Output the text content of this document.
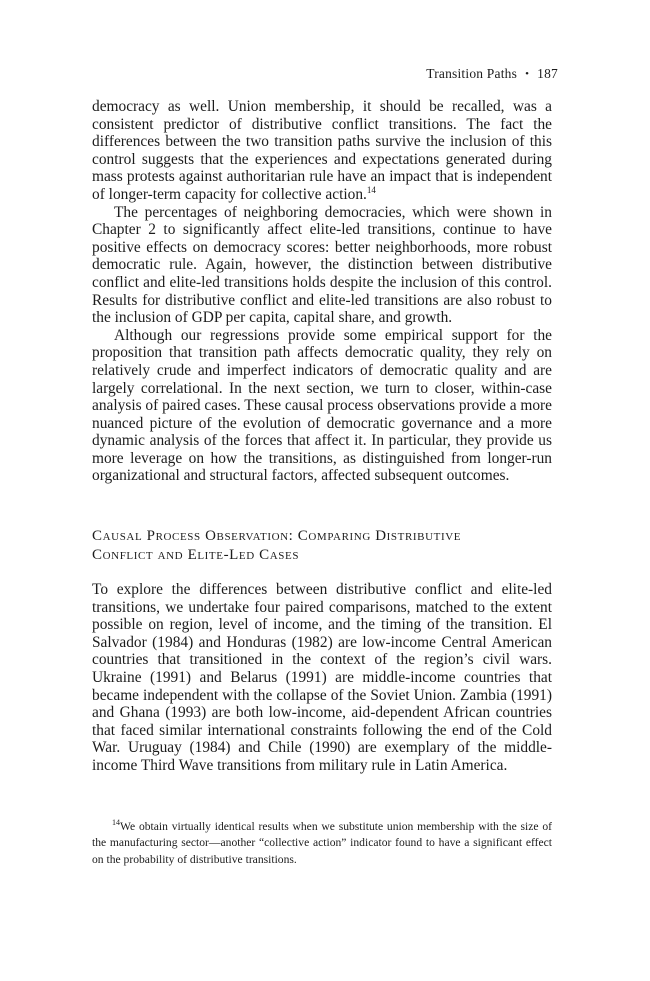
Transition Paths • 187

democracy as well. Union membership, it should be recalled, was a consistent predictor of distributive conflict transitions. The fact the differences between the two transition paths survive the inclusion of this control suggests that the experiences and expectations generated during mass protests against authoritarian rule have an impact that is independent of longer-term capacity for collective action.$^{14}$

The percentages of neighboring democracies, which were shown in Chapter 2 to significantly affect elite-led transitions, continue to have positive effects on democracy scores: better neighborhoods, more robust democratic rule. Again, however, the distinction between distributive conflict and elite-led transitions holds despite the inclusion of this control. Results for distributive conflict and elite-led transitions are also robust to the inclusion of GDP per capita, capital share, and growth.

Although our regressions provide some empirical support for the proposition that transition path affects democratic quality, they rely on relatively crude and imperfect indicators of democratic quality and are largely correlational. In the next section, we turn to closer, within-case analysis of paired cases. These causal process observations provide a more nuanced picture of the evolution of democratic governance and a more dynamic analysis of the forces that affect it. In particular, they provide us more leverage on how the transitions, as distinguished from longer-run organizational and structural factors, affected subsequent outcomes.

Causal Process Observation: Comparing Distributive
Conflict and Elite-Led Cases

To explore the differences between distributive conflict and elite-led transitions, we undertake four paired comparisons, matched to the extent possible on region, level of income, and the timing of the transition. El Salvador (1984) and Honduras (1982) are low-income Central American countries that transitioned in the context of the region’s civil wars. Ukraine (1991) and Belarus (1991) are middle-income countries that became independent with the collapse of the Soviet Union. Zambia (1991) and Ghana (1993) are both low-income, aid-dependent African countries that faced similar international constraints following the end of the Cold War. Uruguay (1984) and Chile (1990) are exemplary of the middle-income Third Wave transitions from military rule in Latin America.

$^{14}$We obtain virtually identical results when we substitute union membership with the size of the manufacturing sector—another “collective action” indicator found to have a significant effect on the probability of distributive transitions.
